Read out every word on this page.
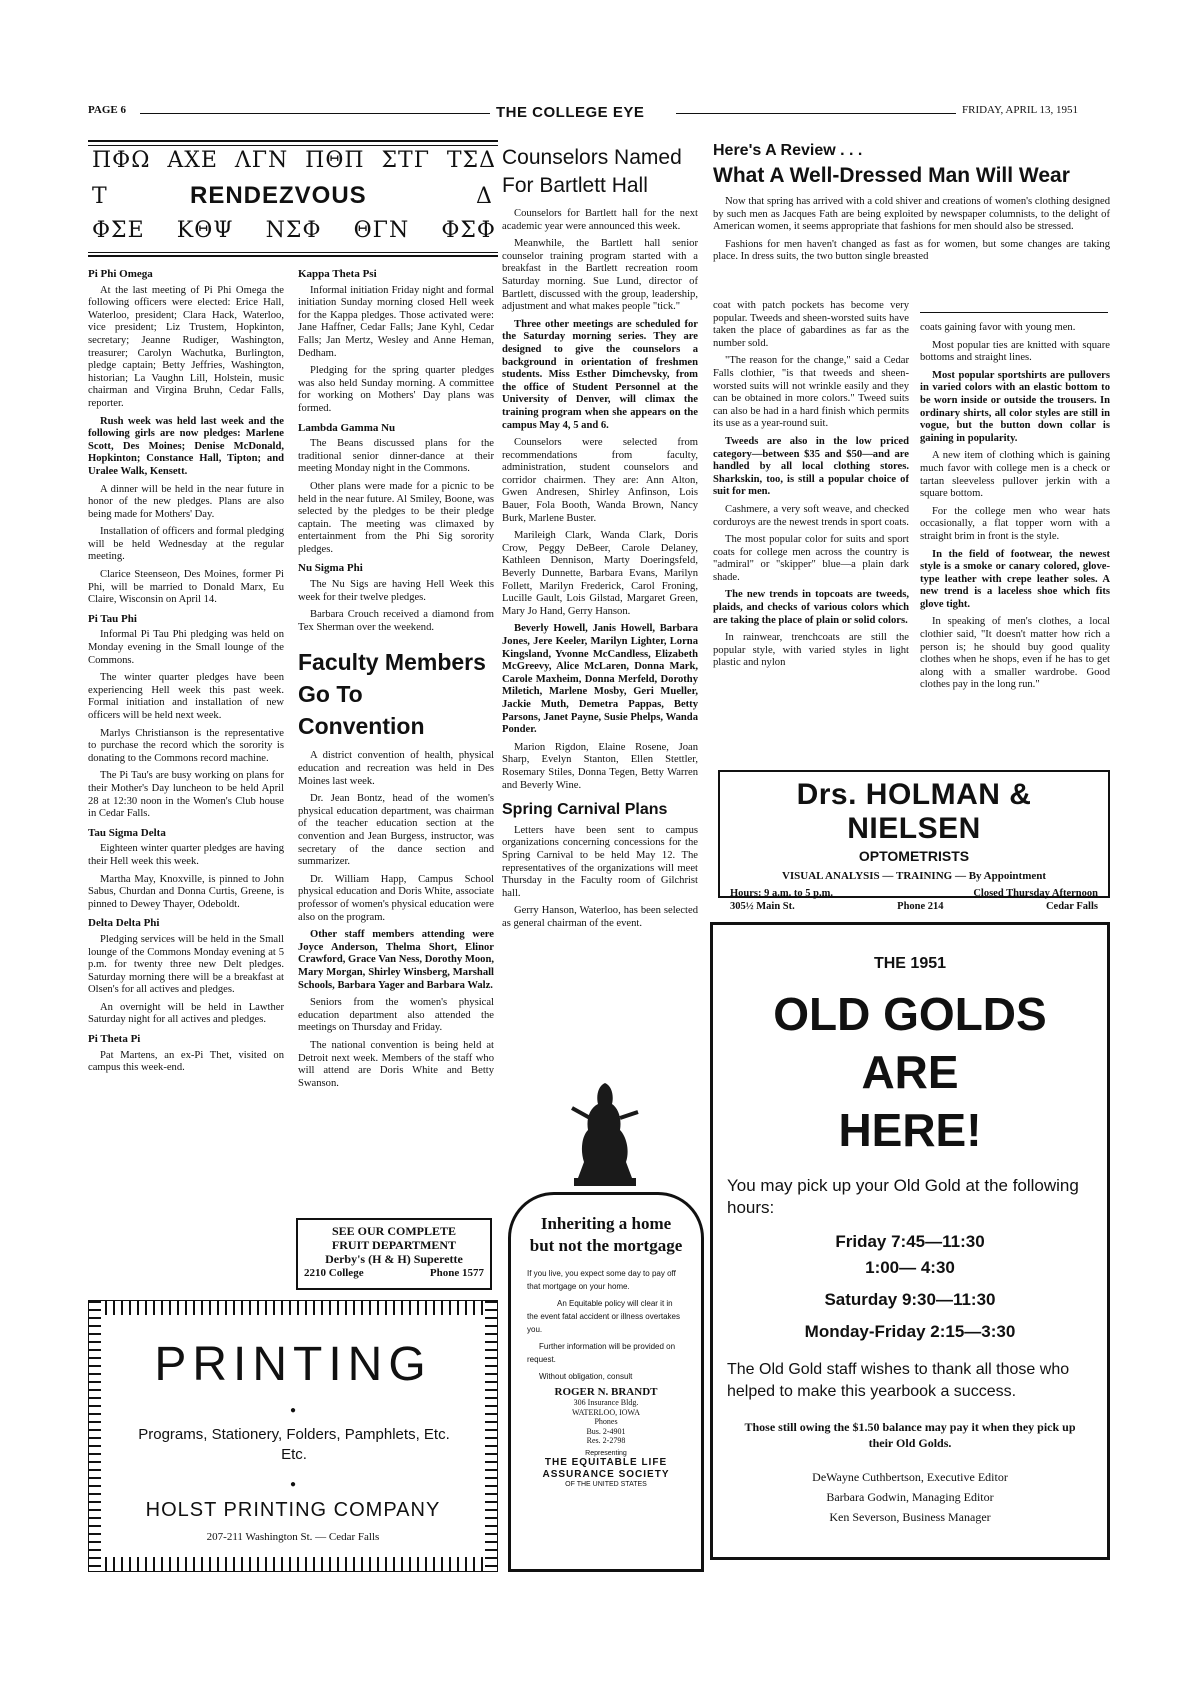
PAGE 6	THE COLLEGE EYE	FRIDAY, APRIL 13, 1951
ΠΦΩ ΑΧΕ ΛΓΝ ΠΘΠ ΣΤΓ ΤΣΔ
Τ	RENDEZVOUS	Δ
ΦΣΕ ΚΘΨ ΝΣΦ ΘΓΝ ΦΣΦ
Pi Phi Omega

At the last meeting of Pi Phi Omega the following officers were elected: Erice Hall, Waterloo, president; Clara Hack, Waterloo, vice president; Liz Trustem, Hopkinton, secretary; Jeanne Rudiger, Washington, treasurer; Carolyn Wachutka, Burlington, pledge captain; Betty Jeffries, Washington, historian; La Vaughn Lill, Holstein, music chairman and Virgina Bruhn, Cedar Falls, reporter.

Rush week was held last week and the following girls are now pledges: Marlene Scott, Des Moines; Denise McDonald, Hopkinton; Constance Hall, Tipton; and Uralee Walk, Kensett.

A dinner will be held in the near future in honor of the new pledges. Plans are also being made for Mothers' Day.

Installation of officers and formal pledging will be held Wednesday at the regular meeting.

Clarice Steenseon, Des Moines, former Pi Phi, will be married to Donald Marx, Eu Claire, Wisconsin on April 14.

Pi Tau Phi

Informal Pi Tau Phi pledging was held on Monday evening in the Small lounge of the Commons.

The winter quarter pledges have been experiencing Hell week this past week. Formal initiation and installation of new officers will be held next week.

Marlys Christianson is the representative to purchase the record which the sorority is donating to the Commons record machine.

The Pi Tau's are busy working on plans for their Mother's Day luncheon to be held April 28 at 12:30 noon in the Women's Club house in Cedar Falls.

Tau Sigma Delta

Eighteen winter quarter pledges are having their Hell week this week.

Martha May, Knoxville, is pinned to John Sabus, Churdan and Donna Curtis, Greene, is pinned to Dewey Thayer, Odeboldt.

Delta Delta Phi

Pledging services will be held in the Small lounge of the Commons Monday evening at 5 p.m. for twenty three new Delt pledges. Saturday morning there will be a breakfast at Olsen's for all actives and pledges.

An overnight will be held in Lawther Saturday night for all actives and pledges.

Pi Theta Pi

Pat Martens, an ex-Pi Thet, visited on campus this week-end.

Kappa Theta Psi

Informal initiation Friday night and formal initiation Sunday morning closed Hell week for the Kappa pledges. Those activated were: Jane Haffner, Cedar Falls; Jane Kyhl, Cedar Falls; Jan Mertz, Wesley and Anne Heman, Dedham.

Pledging for the spring quarter pledges was also held Sunday morning. A committee for working on Mothers' Day plans was formed.

Lambda Gamma Nu

The Beans discussed plans for the traditional senior dinner-dance at their meeting Monday night in the Commons.

Other plans were made for a picnic to be held in the near future. Al Smiley, Boone, was selected by the pledges to be their pledge captain. The meeting was climaxed by entertainment from the Phi Sig sorority pledges.

Nu Sigma Phi

The Nu Sigs are having Hell Week this week for their twelve pledges.

Barbara Crouch received a diamond from Tex Sherman over the weekend.

Faculty Members
Go To Convention

A district convention of health, physical education and recreation was held in Des Moines last week.

Dr. Jean Bontz, head of the women's physical education department, was chairman of the teacher education section at the convention and Jean Burgess, instructor, was secretary of the dance section and summarizer.

Dr. William Happ, Campus School physical education and Doris White, associate professor of women's physical education were also on the program.

Other staff members attending were Joyce Anderson, Thelma Short, Elinor Crawford, Grace Van Ness, Dorothy Moon, Mary Morgan, Shirley Winsberg, Marshall Schools, Barbara Yager and Barbara Walz.

Seniors from the women's physical education department also attended the meetings on Thursday and Friday.

The national convention is being held at Detroit next week. Members of the staff who will attend are Doris White and Betty Swanson.

SEE OUR COMPLETE
FRUIT DEPARTMENT
Derby's (H & H) Superette
2210 College	Phone 1577
Counselors Named
For Bartlett Hall

Counselors for Bartlett hall for the next academic year were announced this week.

Meanwhile, the Bartlett hall senior counselor training program started with a breakfast in the Bartlett recreation room Saturday morning. Sue Lund, director of Bartlett, discussed with the group, leadership, adjustment and what makes people "tick."

Three other meetings are scheduled for the Saturday morning series. They are designed to give the counselors a background in orientation of freshmen students. Miss Esther Dimchevsky, from the office of Student Personnel at the University of Denver, will climax the training program when she appears on the campus May 4, 5 and 6.

Counselors were selected from recommendations from faculty, administration, student counselors and corridor chairmen. They are: Ann Alton, Gwen Andresen, Shirley Anfinson, Lois Bauer, Fola Booth, Wanda Brown, Nancy Burk, Marlene Buster.

Marileigh Clark, Wanda Clark, Doris Crow, Peggy DeBeer, Carole Delaney, Kathleen Dennison, Marty Doeringsfeld, Beverly Dunnette, Barbara Evans, Marilyn Follett, Marilyn Frederick, Carol Froning, Lucille Gault, Lois Gilstad, Margaret Green, Mary Jo Hand, Gerry Hanson.

Beverly Howell, Janis Howell, Barbara Jones, Jere Keeler, Marilyn Lighter, Lorna Kingsland, Yvonne McCandless, Elizabeth McGreevy, Alice McLaren, Donna Mark, Carole Maxheim, Donna Merfeld, Dorothy Miletich, Marlene Mosby, Geri Mueller, Jackie Muth, Demetra Pappas, Betty Parsons, Janet Payne, Susie Phelps, Wanda Ponder.

Marion Rigdon, Elaine Rosene, Joan Sharp, Evelyn Stanton, Ellen Stettler, Rosemary Stiles, Donna Tegen, Betty Warren and Beverly Wine.

Spring Carnival Plans

Letters have been sent to campus organizations concerning concessions for the Spring Carnival to be held May 12. The representatives of the organizations will meet Thursday in the Faculty room of Gilchrist hall.

Gerry Hanson, Waterloo, has been selected as general chairman of the event.

Inheriting a home
but not the mortgage

If you live, you expect some day to pay off that mortgage on your home.

An Equitable policy will clear it in the event fatal accident or illness overtakes you.

Further information will be provided on request.

Without obligation, consult

ROGER N. BRANDT
306 Insurance Bldg.
WATERLOO, IOWA
Phones
Bus. 2-4901
Res. 2-2798
Representing
THE EQUITABLE LIFE
ASSURANCE SOCIETY
OF THE UNITED STATES
Here's A Review . . .
What A Well-Dressed Man Will Wear

Now that spring has arrived with a cold shiver and creations of women's clothing designed by such men as Jacques Fath are being exploited by newspaper columnists, to the delight of American women, it seems appropriate that fashions for men should also be stressed.

Fashions for men haven't changed as fast as for women, but some changes are taking place. In dress suits, the two button single breasted

coat with patch pockets has become very popular. Tweeds and sheen-worsted suits have taken the place of gabardines as far as the number sold.

"The reason for the change," said a Cedar Falls clothier, "is that tweeds and sheen-worsted suits will not wrinkle easily and they can be obtained in more colors." Tweed suits can also be had in a hard finish which permits its use as a year-round suit.

Tweeds are also in the low priced category—between $35 and $50—and are handled by all local clothing stores. Sharkskin, too, is still a popular choice of suit for men.

Cashmere, a very soft weave, and checked corduroys are the newest trends in sport coats.

The most popular color for suits and sport coats for college men across the country is "admiral" or "skipper" blue—a plain dark shade.

The new trends in topcoats are tweeds, plaids, and checks of various colors which are taking the place of plain or solid colors.

In rainwear, trenchcoats are still the popular style, with varied styles in light plastic and nylon

coats gaining favor with young men.

Most popular ties are knitted with square bottoms and straight lines.

Most popular sportshirts are pullovers in varied colors with an elastic bottom to be worn inside or outside the trousers. In ordinary shirts, all color styles are still in vogue, but the button down collar is gaining in popularity.

A new item of clothing which is gaining much favor with college men is a check or tartan sleeveless pullover jerkin with a square bottom.

For the college men who wear hats occasionally, a flat topper worn with a straight brim in front is the style.

In the field of footwear, the newest style is a smoke or canary colored, glove-type leather with crepe leather soles. A new trend is a laceless shoe which fits glove tight.

In speaking of men's clothes, a local clothier said, "It doesn't matter how rich a person is; he should buy good quality clothes when he shops, even if he has to get along with a smaller wardrobe. Good clothes pay in the long run."

Drs. HOLMAN & NIELSEN
OPTOMETRISTS
VISUAL ANALYSIS — TRAINING — By Appointment
Hours: 9 a.m. to 5 p.m.	Closed Thursday Afternoon
305½ Main St.	Phone 214	Cedar Falls
THE 1951
OLD GOLDS
ARE
HERE!
You may pick up your Old Gold at the following hours:
Friday 7:45—11:30
1:00— 4:30
Saturday 9:30—11:30
Monday-Friday 2:15—3:30
The Old Gold staff wishes to thank all those who helped to make this yearbook a success.
Those still owing the $1.50 balance may pay it when they pick up their Old Golds.
DeWayne Cuthbertson, Executive Editor
Barbara Godwin, Managing Editor
Ken Severson, Business Manager
PRINTING
●
Programs, Stationery, Folders, Pamphlets, Etc. Etc.
●
HOLST PRINTING COMPANY
207-211 Washington St. — Cedar Falls
